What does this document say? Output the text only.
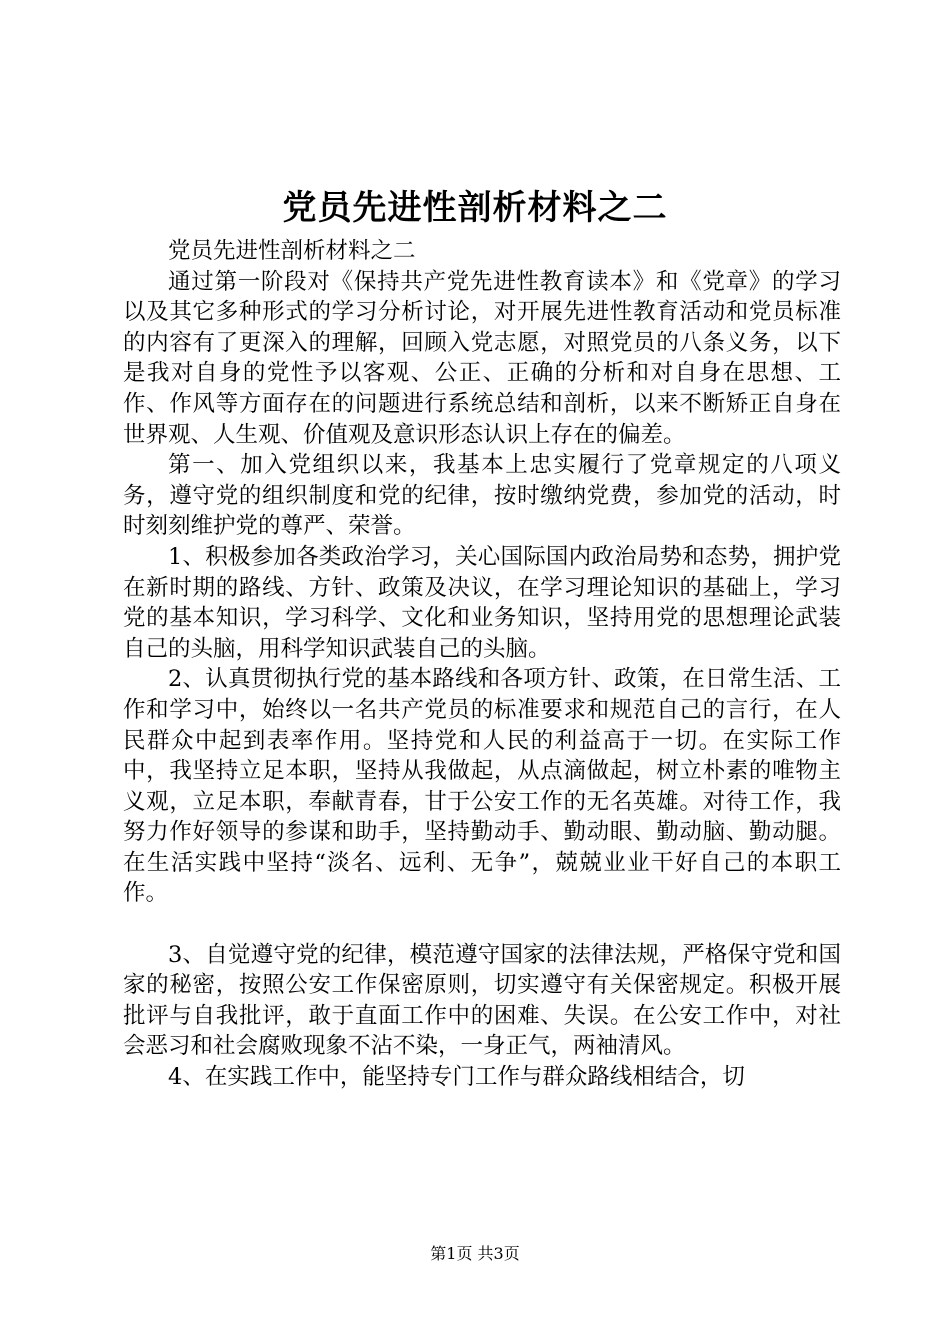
党员先进性剖析材料之二

党员先进性剖析材料之二

通过第一阶段对《保持共产党先进性教育读本》和《党章》的学习以及其它多种形式的学习分析讨论，对开展先进性教育活动和党员标准的内容有了更深入的理解，回顾入党志愿，对照党员的八条义务，以下是我对自身的党性予以客观、公正、正确的分析和对自身在思想、工作、作风等方面存在的问题进行系统总结和剖析，以来不断矫正自身在世界观、人生观、价值观及意识形态认识上存在的偏差。

第一、加入党组织以来，我基本上忠实履行了党章规定的八项义务，遵守党的组织制度和党的纪律，按时缴纳党费，参加党的活动，时时刻刻维护党的尊严、荣誉。

1、积极参加各类政治学习，关心国际国内政治局势和态势，拥护党在新时期的路线、方针、政策及决议，在学习理论知识的基础上，学习党的基本知识，学习科学、文化和业务知识，坚持用党的思想理论武装自己的头脑，用科学知识武装自己的头脑。

2、认真贯彻执行党的基本路线和各项方针、政策，在日常生活、工作和学习中，始终以一名共产党员的标准要求和规范自己的言行，在人民群众中起到表率作用。坚持党和人民的利益高于一切。在实际工作中，我坚持立足本职，坚持从我做起，从点滴做起，树立朴素的唯物主义观，立足本职，奉献青春，甘于公安工作的无名英雄。对待工作，我努力作好领导的参谋和助手，坚持勤动手、勤动眼、勤动脑、勤动腿。在生活实践中坚持“淡名、远利、无争”，兢兢业业干好自己的本职工作。

3、自觉遵守党的纪律，模范遵守国家的法律法规，严格保守党和国家的秘密，按照公安工作保密原则，切实遵守有关保密规定。积极开展批评与自我批评，敢于直面工作中的困难、失误。在公安工作中，对社会恶习和社会腐败现象不沾不染，一身正气，两袖清风。

4、在实践工作中，能坚持专门工作与群众路线相结合，切

第1页 共3页
